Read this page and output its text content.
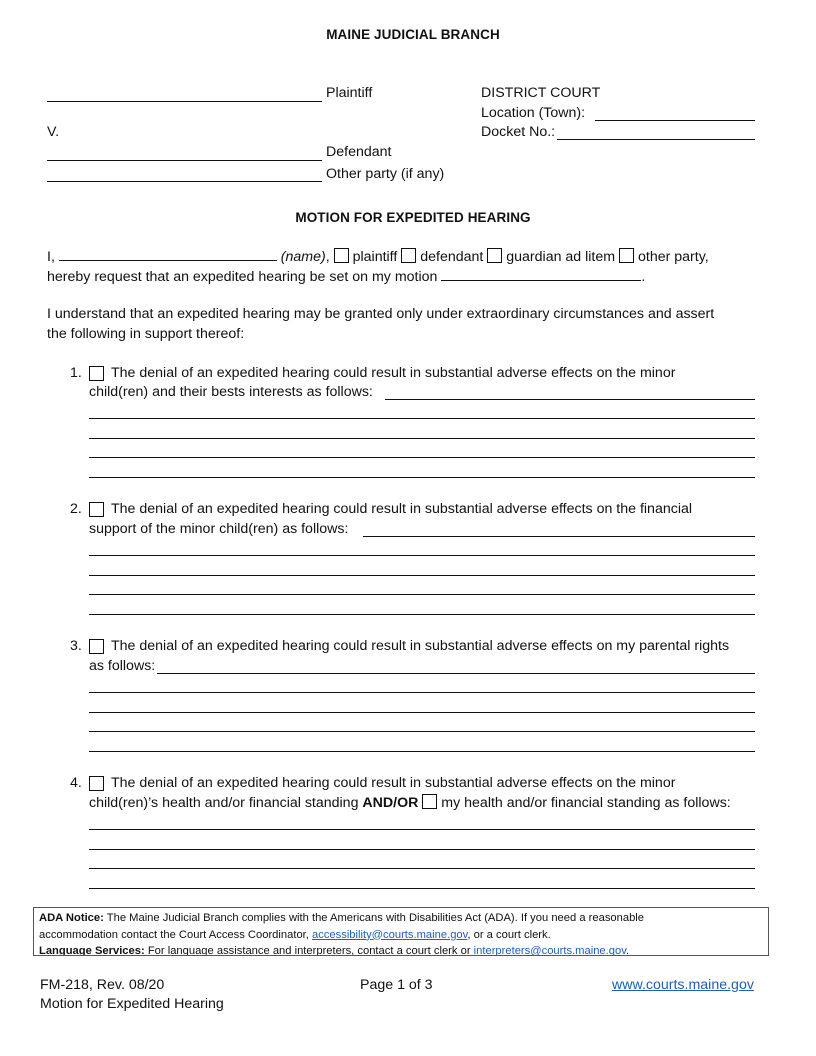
MAINE JUDICIAL BRANCH
Plaintiff
V.
Defendant
Other party (if any)
DISTRICT COURT
Location (Town):
Docket No.:
MOTION FOR EXPEDITED HEARING
I,	(name), plaintiff defendant guardian ad litem other party,
hereby request that an expedited hearing be set on my motion	.
I understand that an expedited hearing may be granted only under extraordinary circumstances and assert
the following in support thereof:
1. The denial of an expedited hearing could result in substantial adverse effects on the minor
child(ren) and their bests interests as follows:
2. The denial of an expedited hearing could result in substantial adverse effects on the financial
support of the minor child(ren) as follows:
3. The denial of an expedited hearing could result in substantial adverse effects on my parental rights
as follows:
4. The denial of an expedited hearing could result in substantial adverse effects on the minor
child(ren)’s health and/or financial standing AND/OR my health and/or financial standing as follows:
ADA Notice: The Maine Judicial Branch complies with the Americans with Disabilities Act (ADA). If you need a reasonable
accommodation contact the Court Access Coordinator, accessibility@courts.maine.gov, or a court clerk.
Language Services: For language assistance and interpreters, contact a court clerk or interpreters@courts.maine.gov.
FM-218, Rev. 08/20
Motion for Expedited Hearing
Page 1 of 3	www.courts.maine.gov
